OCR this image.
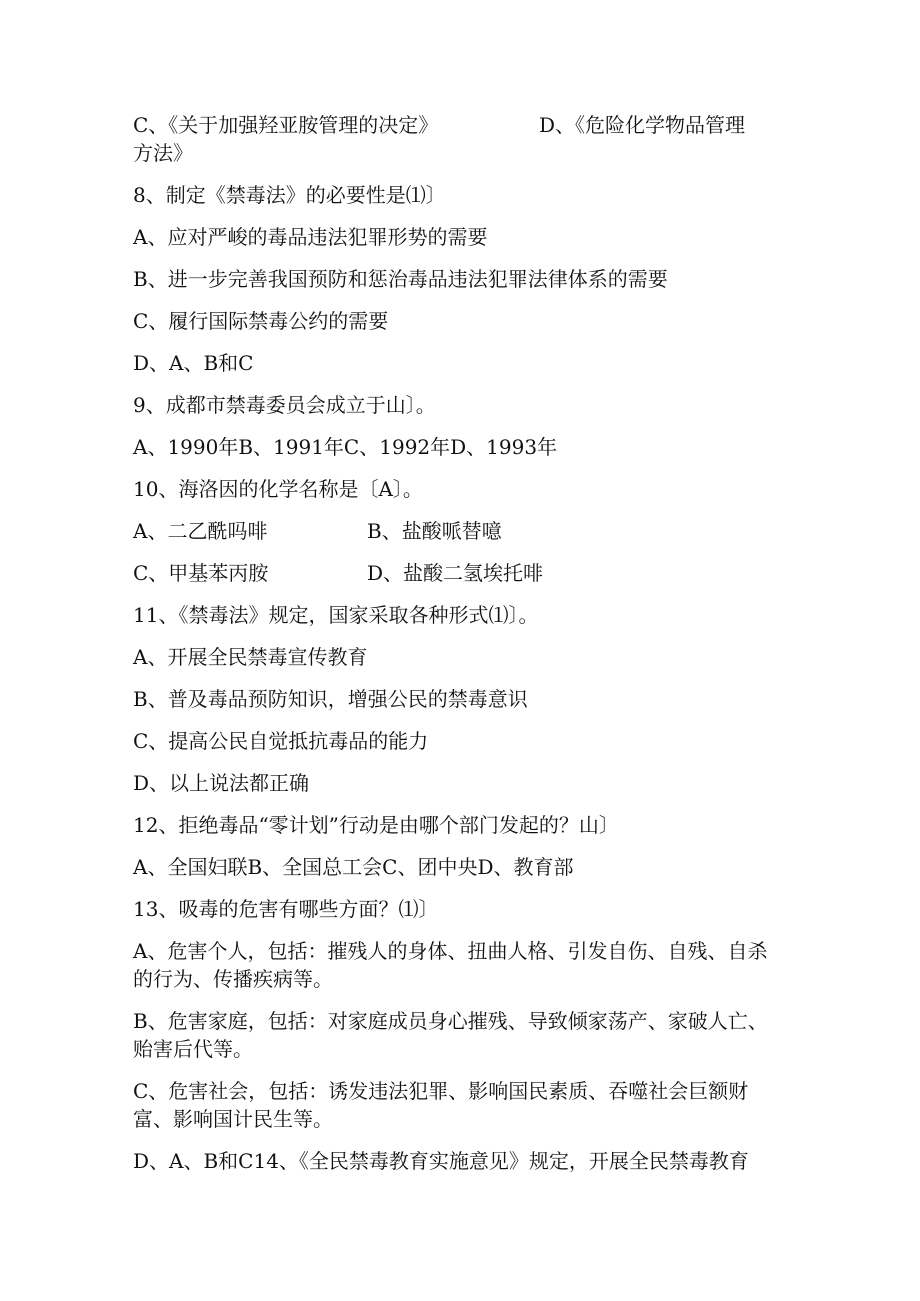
C、《关于加强羟亚胺管理的决定》	D、《危险化学物品管理

方法》

8、制定《禁毒法》的必要性是⑴〕

A、应对严峻的毒品违法犯罪形势的需要

B、进一步完善我国预防和惩治毒品违法犯罪法律体系的需要

C、履行国际禁毒公约的需要

D、A、B和C

9、成都市禁毒委员会成立于山〕。

A、1990年B、1991年C、1992年D、1993年

10、海洛因的化学名称是〔A〕。

A、二乙酰吗啡	B、盐酸哌替噫

C、甲基苯丙胺	D、盐酸二氢埃托啡

11、《禁毒法》规定，国家采取各种形式⑴〕。

A、开展全民禁毒宣传教育

B、普及毒品预防知识，增强公民的禁毒意识

C、提高公民自觉抵抗毒品的能力

D、以上说法都正确

12、拒绝毒品“零计划”行动是由哪个部门发起的？山〕

A、全国妇联B、全国总工会C、团中央D、教育部

13、吸毒的危害有哪些方面？⑴〕

A、危害个人，包括：摧残人的身体、扭曲人格、引发自伤、自残、自杀的行为、传播疾病等。

B、危害家庭，包括：对家庭成员身心摧残、导致倾家荡产、家破人亡、贻害后代等。

C、危害社会，包括：诱发违法犯罪、影响国民素质、吞噬社会巨额财富、影响国计民生等。

D、A、B和C14、《全民禁毒教育实施意见》规定，开展全民禁毒教育
